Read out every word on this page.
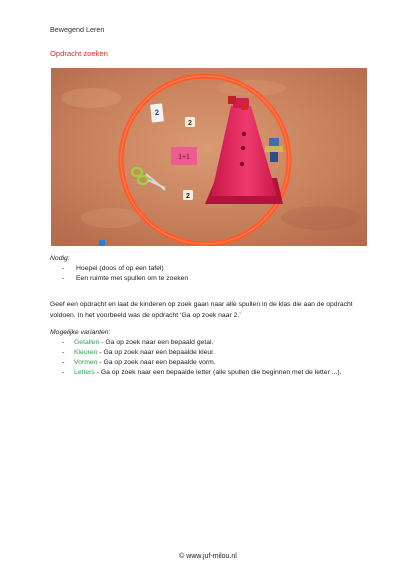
Bewegend Leren
Opdracht zoeken
2
2
1+1
2
Nodig:
- Hoepel (doos of op een tafel)
- Een ruimte met spullen om te zoeken
Geef een opdracht en laat de kinderen op zoek gaan naar alle spullen in de klas die aan de opdracht
voldoen. In het voorbeeld was de opdracht ‘Ga op zoek naar 2.’
Mogelijke varianten:
- Getallen - Ga op zoek naar een bepaald getal.
- Kleuren - Ga op zoek naar een bepaalde kleur.
- Vormen - Ga op zoek naar een bepaalde vorm.
- Letters - Ga op zoek naar een bepaalde letter (alle spullen die beginnen met de letter ...).
© www.juf-milou.nl
